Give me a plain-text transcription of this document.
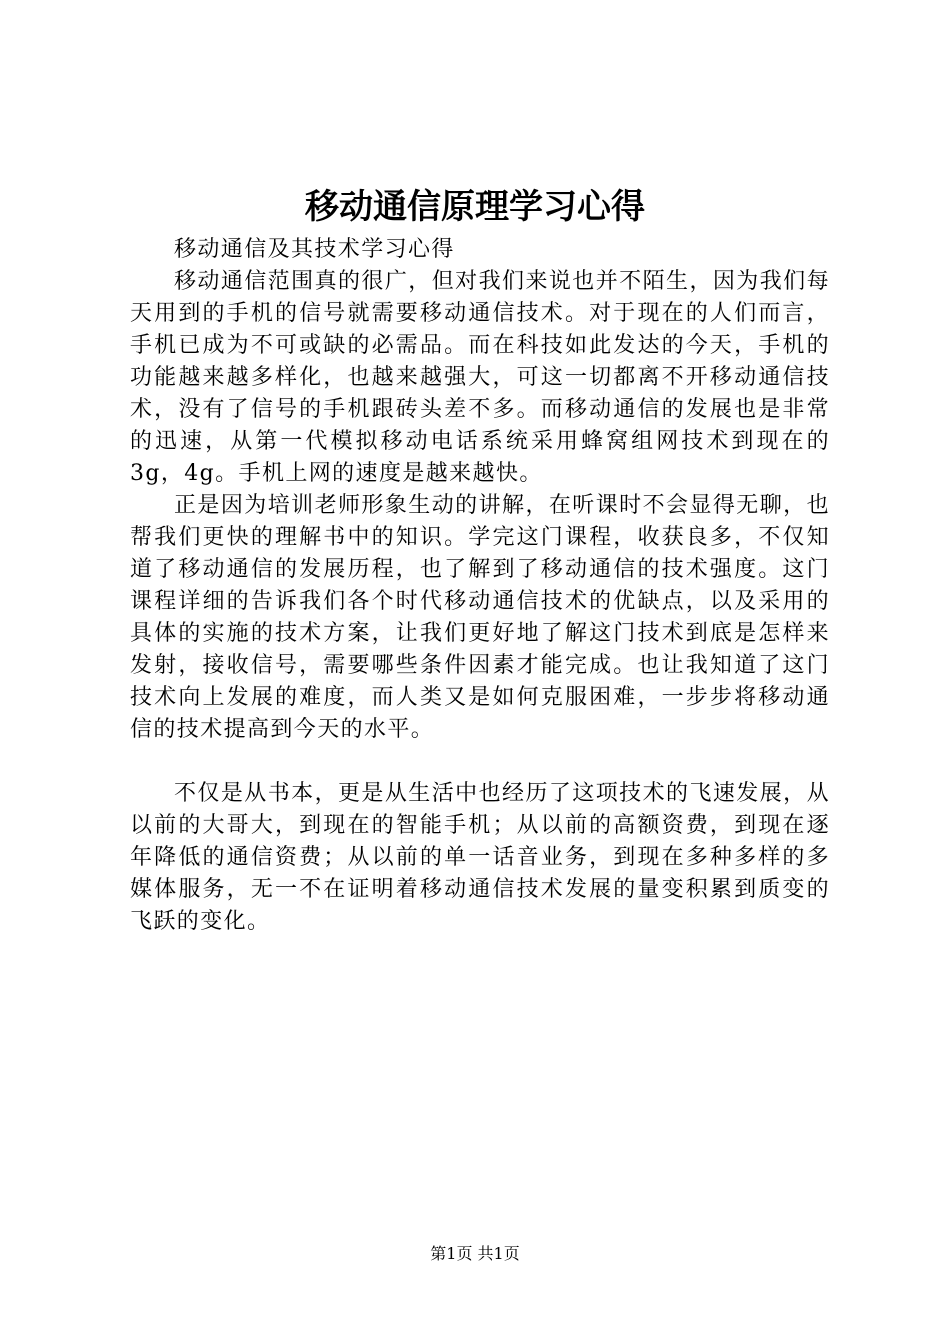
移动通信原理学习心得

移动通信及其技术学习心得

移动通信范围真的很广，但对我们来说也并不陌生，因为我们每天用到的手机的信号就需要移动通信技术。对于现在的人们而言，手机已成为不可或缺的必需品。而在科技如此发达的今天，手机的功能越来越多样化，也越来越强大，可这一切都离不开移动通信技术，没有了信号的手机跟砖头差不多。而移动通信的发展也是非常的迅速，从第一代模拟移动电话系统采用蜂窝组网技术到现在的3g，4g。手机上网的速度是越来越快。

正是因为培训老师形象生动的讲解，在听课时不会显得无聊，也帮我们更快的理解书中的知识。学完这门课程，收获良多，不仅知道了移动通信的发展历程，也了解到了移动通信的技术强度。这门课程详细的告诉我们各个时代移动通信技术的优缺点，以及采用的具体的实施的技术方案，让我们更好地了解这门技术到底是怎样来发射，接收信号，需要哪些条件因素才能完成。也让我知道了这门技术向上发展的难度，而人类又是如何克服困难，一步步将移动通信的技术提高到今天的水平。

不仅是从书本，更是从生活中也经历了这项技术的飞速发展，从以前的大哥大，到现在的智能手机；从以前的高额资费，到现在逐年降低的通信资费；从以前的单一话音业务，到现在多种多样的多媒体服务，无一不在证明着移动通信技术发展的量变积累到质变的飞跃的变化。

第1页 共1页
